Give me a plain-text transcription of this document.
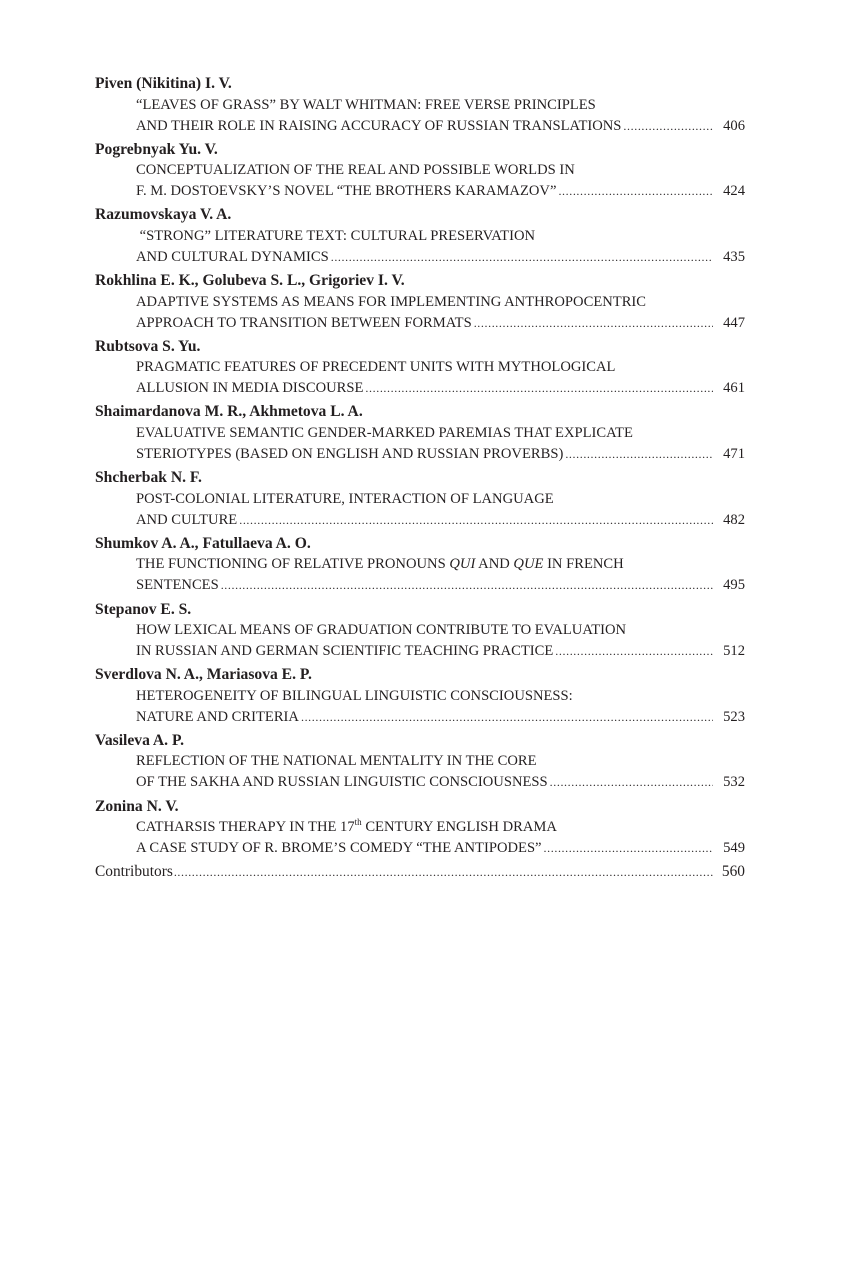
Piven (Nikitina) I. V.
“LEAVES OF GRASS” BY WALT WHITMAN: FREE VERSE PRINCIPLES
AND THEIR ROLE IN RAISING ACCURACY OF RUSSIAN TRANSLATIONS .....	406
Pogrebnyak Yu. V.
CONCEPTUALIZATION OF THE REAL AND POSSIBLE WORLDS IN
F. M. DOSTOEVSKY’S NOVEL “THE BROTHERS KARAMAZOV” .....	424
Razumovskaya V. A.
“STRONG” LITERATURE TEXT: CULTURAL PRESERVATION
AND CULTURAL DYNAMICS .....	435
Rokhlina E. K., Golubeva S. L., Grigoriev I. V.
ADAPTIVE SYSTEMS AS MEANS FOR IMPLEMENTING ANTHROPOCENTRIC
APPROACH TO TRANSITION BETWEEN FORMATS .....	447
Rubtsova S. Yu.
PRAGMATIC FEATURES OF PRECEDENT UNITS WITH MYTHOLOGICAL
ALLUSION IN MEDIA DISCOURSE .....	461
Shaimardanova M. R., Akhmetova L. A.
EVALUATIVE SEMANTIC GENDER-MARKED PAREMIAS THAT EXPLICATE
STERIOTYPES (BASED ON ENGLISH AND RUSSIAN PROVERBS) .....	471
Shcherbak N. F.
POST-COLONIAL LITERATURE, INTERACTION OF LANGUAGE
AND CULTURE .....	482
Shumkov A. A., Fatullaeva A. O.
THE FUNCTIONING OF RELATIVE PRONOUNS QUI AND QUE IN FRENCH
SENTENCES .....	495
Stepanov E. S.
HOW LEXICAL MEANS OF GRADUATION CONTRIBUTE TO EVALUATION
IN RUSSIAN AND GERMAN SCIENTIFIC TEACHING PRACTICE .....	512
Sverdlova N. A., Mariasova E. P.
HETEROGENEITY OF BILINGUAL LINGUISTIC CONSCIOUSNESS:
NATURE AND CRITERIA .....	523
Vasileva A. P.
REFLECTION OF THE NATIONAL MENTALITY IN THE CORE
OF THE SAKHA AND RUSSIAN LINGUISTIC CONSCIOUSNESS .....	532
Zonina N. V.
CATHARSIS THERAPY IN THE 17th CENTURY ENGLISH DRAMA
A CASE STUDY OF R. BROME’S COMEDY “THE ANTIPODES” .....	549
Contributors .....	560
